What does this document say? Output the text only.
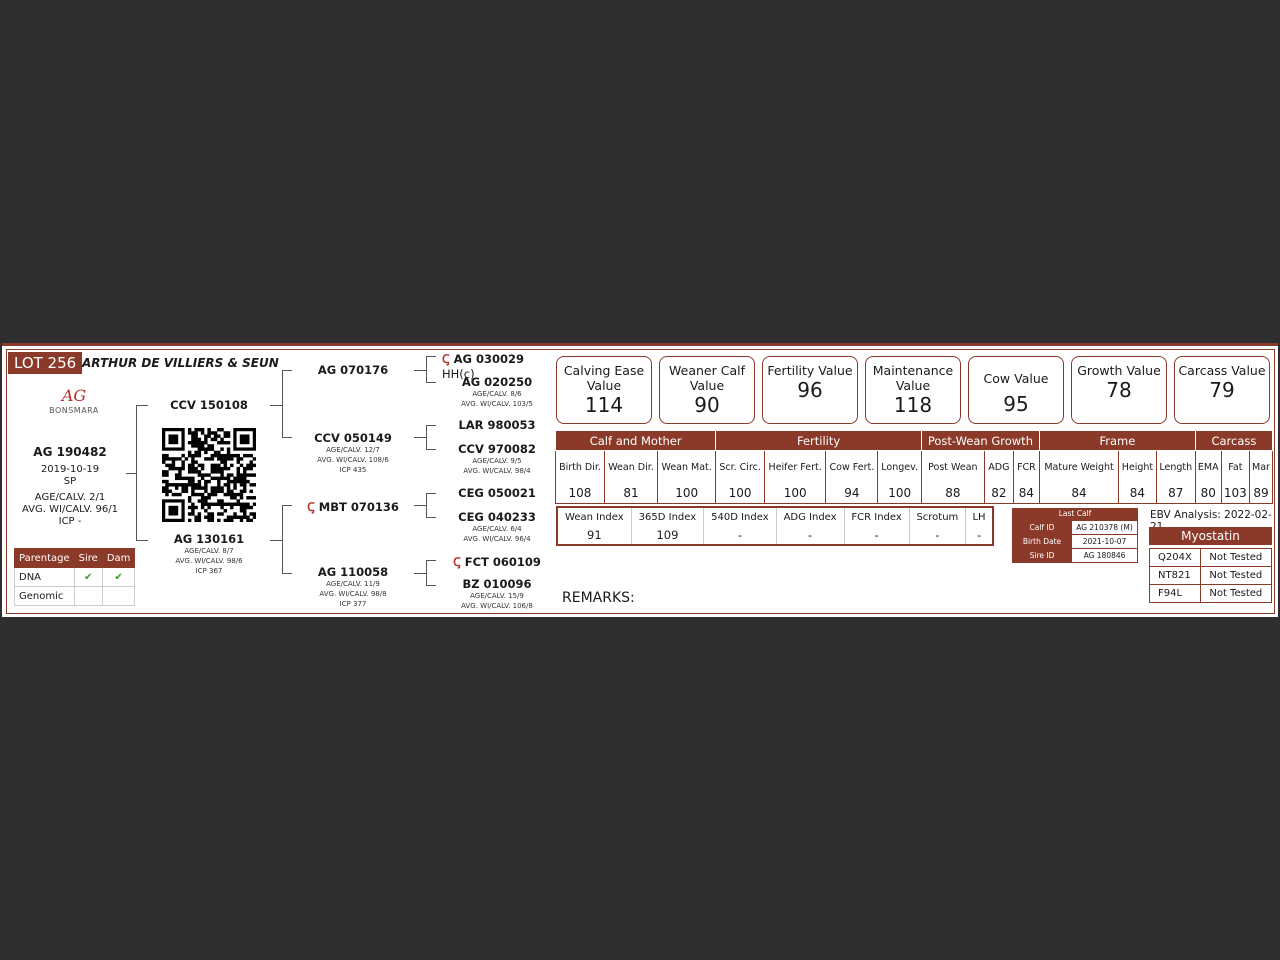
LOT 256 ARTHUR DE VILLIERS & SEUN
AG
BONSMARA
AG 190482
2019-10-19
SP
AGE/CALV. 2/1
AVG. WI/CALV. 96/1
ICP -
Parentage	Sire	Dam
DNA	✔	✔
Genomic		
CCV 150108
AG 130161
AGE/CALV. 8/7
AVG. WI/CALV. 98/6
ICP 367
AG 070176
CCV 050149
AGE/CALV. 12/7
AVG. WI/CALV. 108/6
ICP 435
Ꞔ MBT 070136
AG 110058
AGE/CALV. 11/9
AVG. WI/CALV. 98/8
ICP 377
Ꞔ AG 030029 HH(c)
AG 020250
AGE/CALV. 8/6
AVG. WI/CALV. 103/5
LAR 980053
CCV 970082
AGE/CALV. 9/5
AVG. WI/CALV. 98/4
CEG 050021
CEG 040233
AGE/CALV. 6/4
AVG. WI/CALV. 96/4
Ꞔ FCT 060109
BZ 010096
AGE/CALV. 15/9
AVG. WI/CALV. 106/8
Calving Ease Value
114
Weaner Calf Value
90
Fertility Value
96
Maintenance Value
118
Cow Value
95
Growth Value
78
Carcass Value
79
Calf and Mother			Fertility				Post-Wean Growth			Frame			Carcass		
Birth Dir.	Wean Dir.	Wean Mat.	Scr. Circ.	Heifer Fert.	Cow Fert.	Longev.	Post Wean	ADG	FCR	Mature Weight	Height	Length	EMA	Fat	Mar
108	81	100	100	100	94	100	88	82	84	84	84	87	80	103	89
Wean Index	365D Index	540D Index	ADG Index	FCR Index	Scrotum	LH
91	109	-	-	-	-	-
Last Calf
Calf ID	AG 210378 (M)
Birth Date	2021-10-07
Sire ID	AG 180846
EBV Analysis: 2022-02-
Myostatin
Q204X	Not Tested
NT821	Not Tested
F94L	Not Tested
REMARKS:
